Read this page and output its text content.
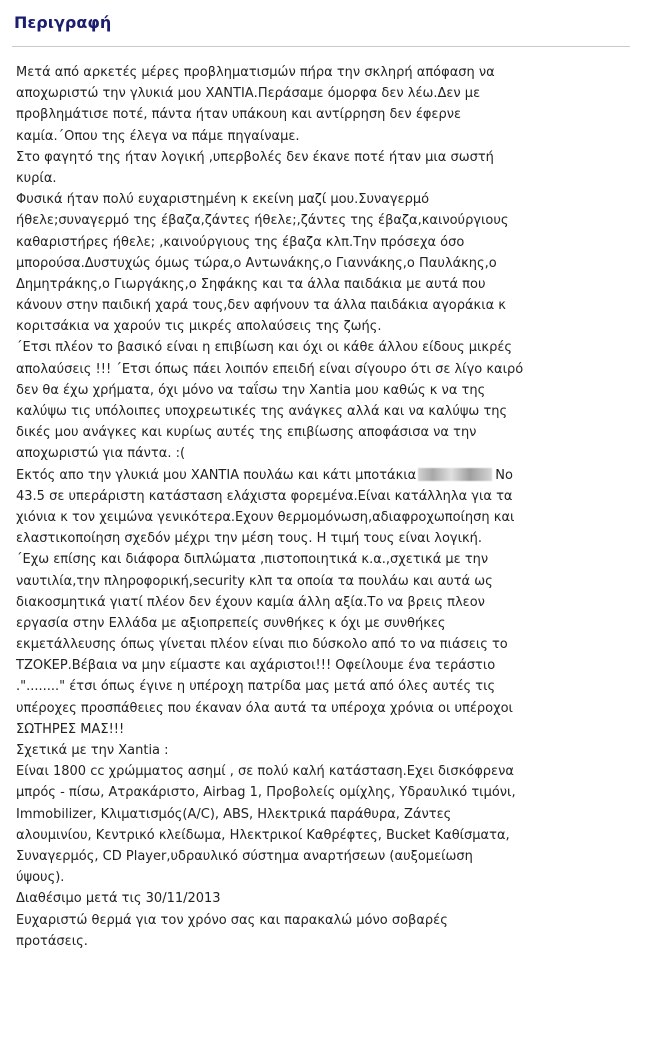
Περιγραφή
Μετά από αρκετές μέρες προβληματισμών πήρα την σκληρή απόφαση να
αποχωριστώ την γλυκιά μου ΧΑΝΤΙΑ.Περάσαμε όμορφα δεν λέω.Δεν με
προβλημάτισε ποτέ, πάντα ήταν υπάκουη και αντίρρηση δεν έφερνε
καμία.΄Οπου της έλεγα να πάμε πηγαίναμε.
Στο φαγητό της ήταν λογική ,υπερβολές δεν έκανε ποτέ ήταν μια σωστή
κυρία.
Φυσικά ήταν πολύ ευχαριστημένη κ εκείνη μαζί μου.Συναγερμό
ήθελε;συναγερμό της έβαζα,ζάντες ήθελε;,ζάντες της έβαζα,καινούργιους
καθαριστήρες ήθελε; ,καινούργιους της έβαζα κλπ.Την πρόσεχα όσο
μπορούσα.Δυστυχώς όμως τώρα,ο Αντωνάκης,ο Γιαννάκης,ο Παυλάκης,ο
Δημητράκης,ο Γιωργάκης,ο Σηφάκης και τα άλλα παιδάκια με αυτά που
κάνουν στην παιδική χαρά τους,δεν αφήνουν τα άλλα παιδάκια αγοράκια κ
κοριτσάκια να χαρούν τις μικρές απολαύσεις της ζωής.
΄Ετσι πλέον το βασικό είναι η επιβίωση και όχι οι κάθε άλλου είδους μικρές
απολαύσεις !!! ΄Ετσι όπως πάει λοιπόν επειδή είναι σίγουρο ότι σε λίγο καιρό
δεν θα έχω χρήματα, όχι μόνο να ταΐσω την Xantia μου καθώς κ να της
καλύψω τις υπόλοιπες υποχρεωτικές της ανάγκες αλλά και να καλύψω της
δικές μου ανάγκες και κυρίως αυτές της επιβίωσης αποφάσισα να την
αποχωριστώ για πάντα. :(
Εκτός απο την γλυκιά μου ΧΑΝΤΙΑ πουλάω και κάτι μποτάκια	No
43.5 σε υπεράριστη κατάσταση ελάχιστα φορεμένα.Είναι κατάλληλα για τα
χιόνια κ τον χειμώνα γενικότερα.Εχουν θερμομόνωση,αδιαφροχωποίηση και
ελαστικοποίηση σχεδόν μέχρι την μέση τους. Η τιμή τους είναι λογική.
΄Εχω επίσης και διάφορα διπλώματα ,πιστοποιητικά κ.α.,σχετικά με την
ναυτιλία,την πληροφορική,security κλπ τα οποία τα πουλάω και αυτά ως
διακοσμητικά γιατί πλέον δεν έχουν καμία άλλη αξία.Το να βρεις πλεον
εργασία στην Ελλάδα με αξιοπρεπείς συνθήκες κ όχι με συνθήκες
εκμετάλλευσης όπως γίνεται πλέον είναι πιο δύσκολο από το να πιάσεις το
ΤΖΟΚΕΡ.Βέβαια να μην είμαστε και αχάριστοι!!! Οφείλουμε ένα τεράστιο
."........" έτσι όπως έγινε η υπέροχη πατρίδα μας μετά από όλες αυτές τις
υπέροχες προσπάθειες που έκαναν όλα αυτά τα υπέροχα χρόνια οι υπέροχοι
ΣΩΤΗΡΕΣ ΜΑΣ!!!
Σχετικά με την Xantia :
Είναι 1800 cc χρώμματος ασημί , σε πολύ καλή κατάσταση.Εχει δισκόφρενα
μπρός - πίσω, Ατρακάριστο, Airbag 1, Προβολείς ομίχλης, Υδραυλικό τιμόνι,
Immobilizer, Κλιματισμός(A/C), ABS, Ηλεκτρικά παράθυρα, Ζάντες
αλουμινίου, Κεντρικό κλείδωμα, Ηλεκτρικοί Καθρέφτες, Bucket Καθίσματα,
Συναγερμός, CD Player,υδραυλικό σύστημα αναρτήσεων (αυξομείωση
ύψους).
Διαθέσιμο μετά τις 30/11/2013
Ευχαριστώ θερμά για τον χρόνο σας και παρακαλώ μόνο σοβαρές
προτάσεις.
